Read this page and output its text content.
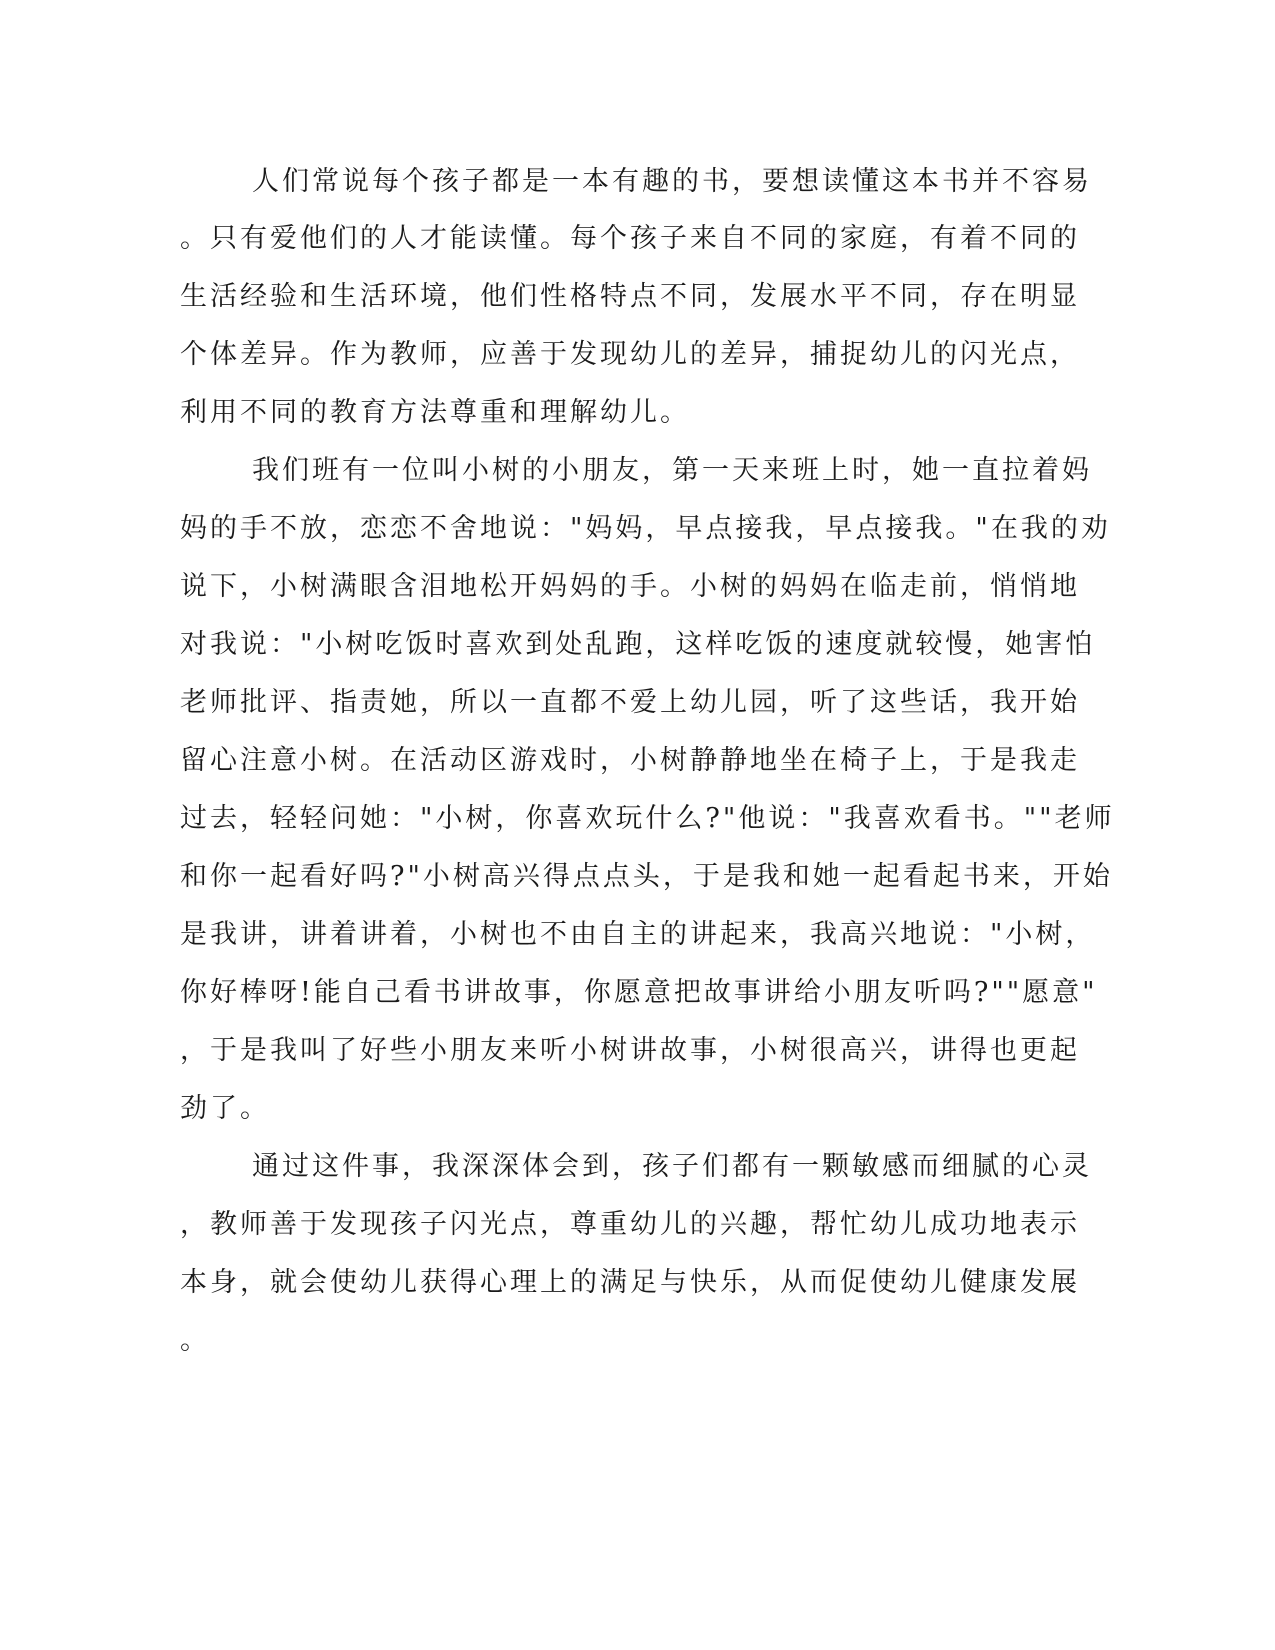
人们常说每个孩子都是一本有趣的书，要想读懂这本书并不容易
。只有爱他们的人才能读懂。每个孩子来自不同的家庭，有着不同的
生活经验和生活环境，他们性格特点不同，发展水平不同，存在明显
个体差异。作为教师，应善于发现幼儿的差异，捕捉幼儿的闪光点，
利用不同的教育方法尊重和理解幼儿。
我们班有一位叫小树的小朋友，第一天来班上时，她一直拉着妈
妈的手不放，恋恋不舍地说："妈妈，早点接我，早点接我。"在我的劝
说下，小树满眼含泪地松开妈妈的手。小树的妈妈在临走前，悄悄地
对我说："小树吃饭时喜欢到处乱跑，这样吃饭的速度就较慢，她害怕
老师批评、指责她，所以一直都不爱上幼儿园，听了这些话，我开始
留心注意小树。在活动区游戏时，小树静静地坐在椅子上，于是我走
过去，轻轻问她："小树，你喜欢玩什么?"他说："我喜欢看书。""老师
和你一起看好吗?"小树高兴得点点头，于是我和她一起看起书来，开始
是我讲，讲着讲着，小树也不由自主的讲起来，我高兴地说："小树，
你好棒呀!能自己看书讲故事，你愿意把故事讲给小朋友听吗?""愿意"
，于是我叫了好些小朋友来听小树讲故事，小树很高兴，讲得也更起
劲了。
通过这件事，我深深体会到，孩子们都有一颗敏感而细腻的心灵
，教师善于发现孩子闪光点，尊重幼儿的兴趣，帮忙幼儿成功地表示
本身，就会使幼儿获得心理上的满足与快乐，从而促使幼儿健康发展
。
